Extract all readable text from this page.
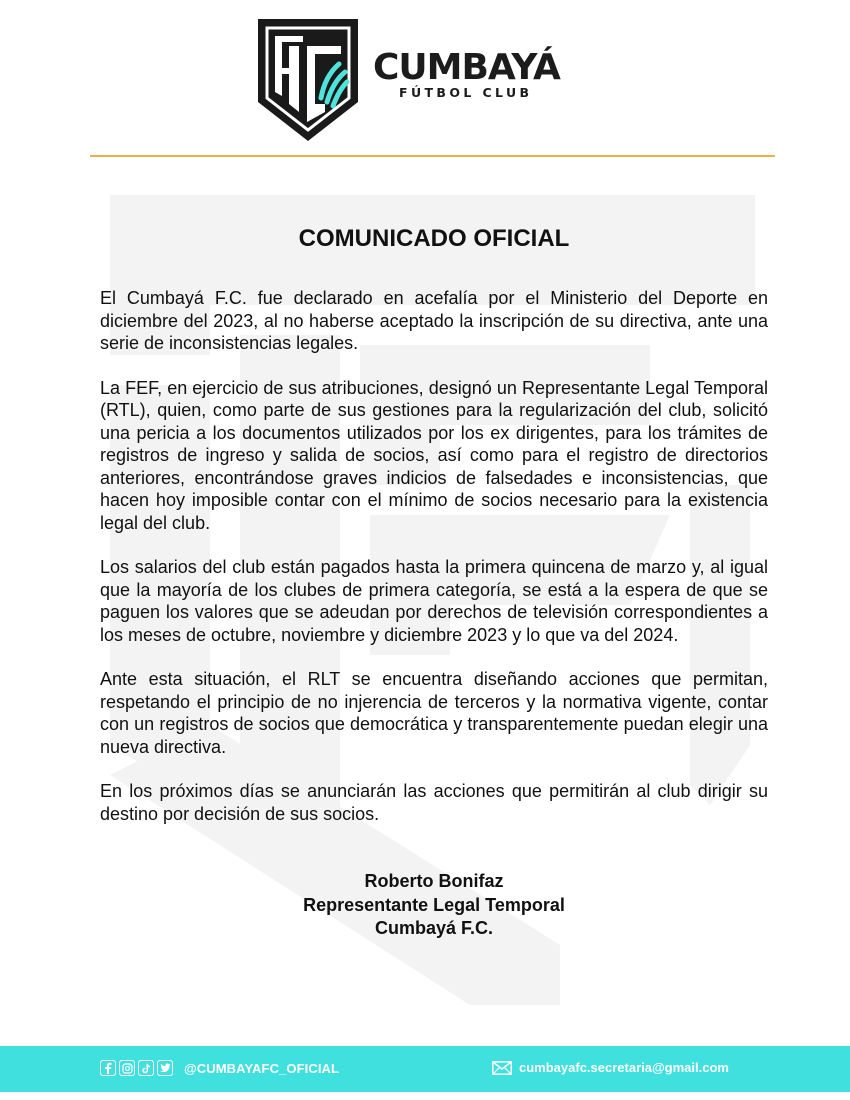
CUMBAYÁ
FÚTBOL CLUB
COMUNICADO OFICIAL

El Cumbayá F.C. fue declarado en acefalía por el Ministerio del Deporte en diciembre del 2023, al no haberse aceptado la inscripción de su directiva, ante una serie de inconsistencias legales.

La FEF, en ejercicio de sus atribuciones, designó un Representante Legal Temporal (RTL), quien, como parte de sus gestiones para la regularización del club, solicitó una pericia a los documentos utilizados por los ex dirigentes, para los trámites de registros de ingreso y salida de socios, así como para el registro de directorios anteriores, encontrándose graves indicios de falsedades e inconsistencias, que hacen hoy imposible contar con el mínimo de socios necesario para la existencia legal del club.

Los salarios del club están pagados hasta la primera quincena de marzo y, al igual que la mayoría de los clubes de primera categoría, se está a la espera de que se paguen los valores que se adeudan por derechos de televisión correspondientes a los meses de octubre, noviembre y diciembre 2023 y lo que va del 2024.

Ante esta situación, el RLT se encuentra diseñando acciones que permitan, respetando el principio de no injerencia de terceros y la normativa vigente, contar con un registros de socios que democrática y transparentemente puedan elegir una nueva directiva.

En los próximos días se anunciarán las acciones que permitirán al club dirigir su destino por decisión de sus socios.

Roberto Bonifaz
Representante Legal Temporal
Cumbayá F.C.
@CUMBAYAFC_OFICIAL	cumbayafc.secretaria@gmail.com
